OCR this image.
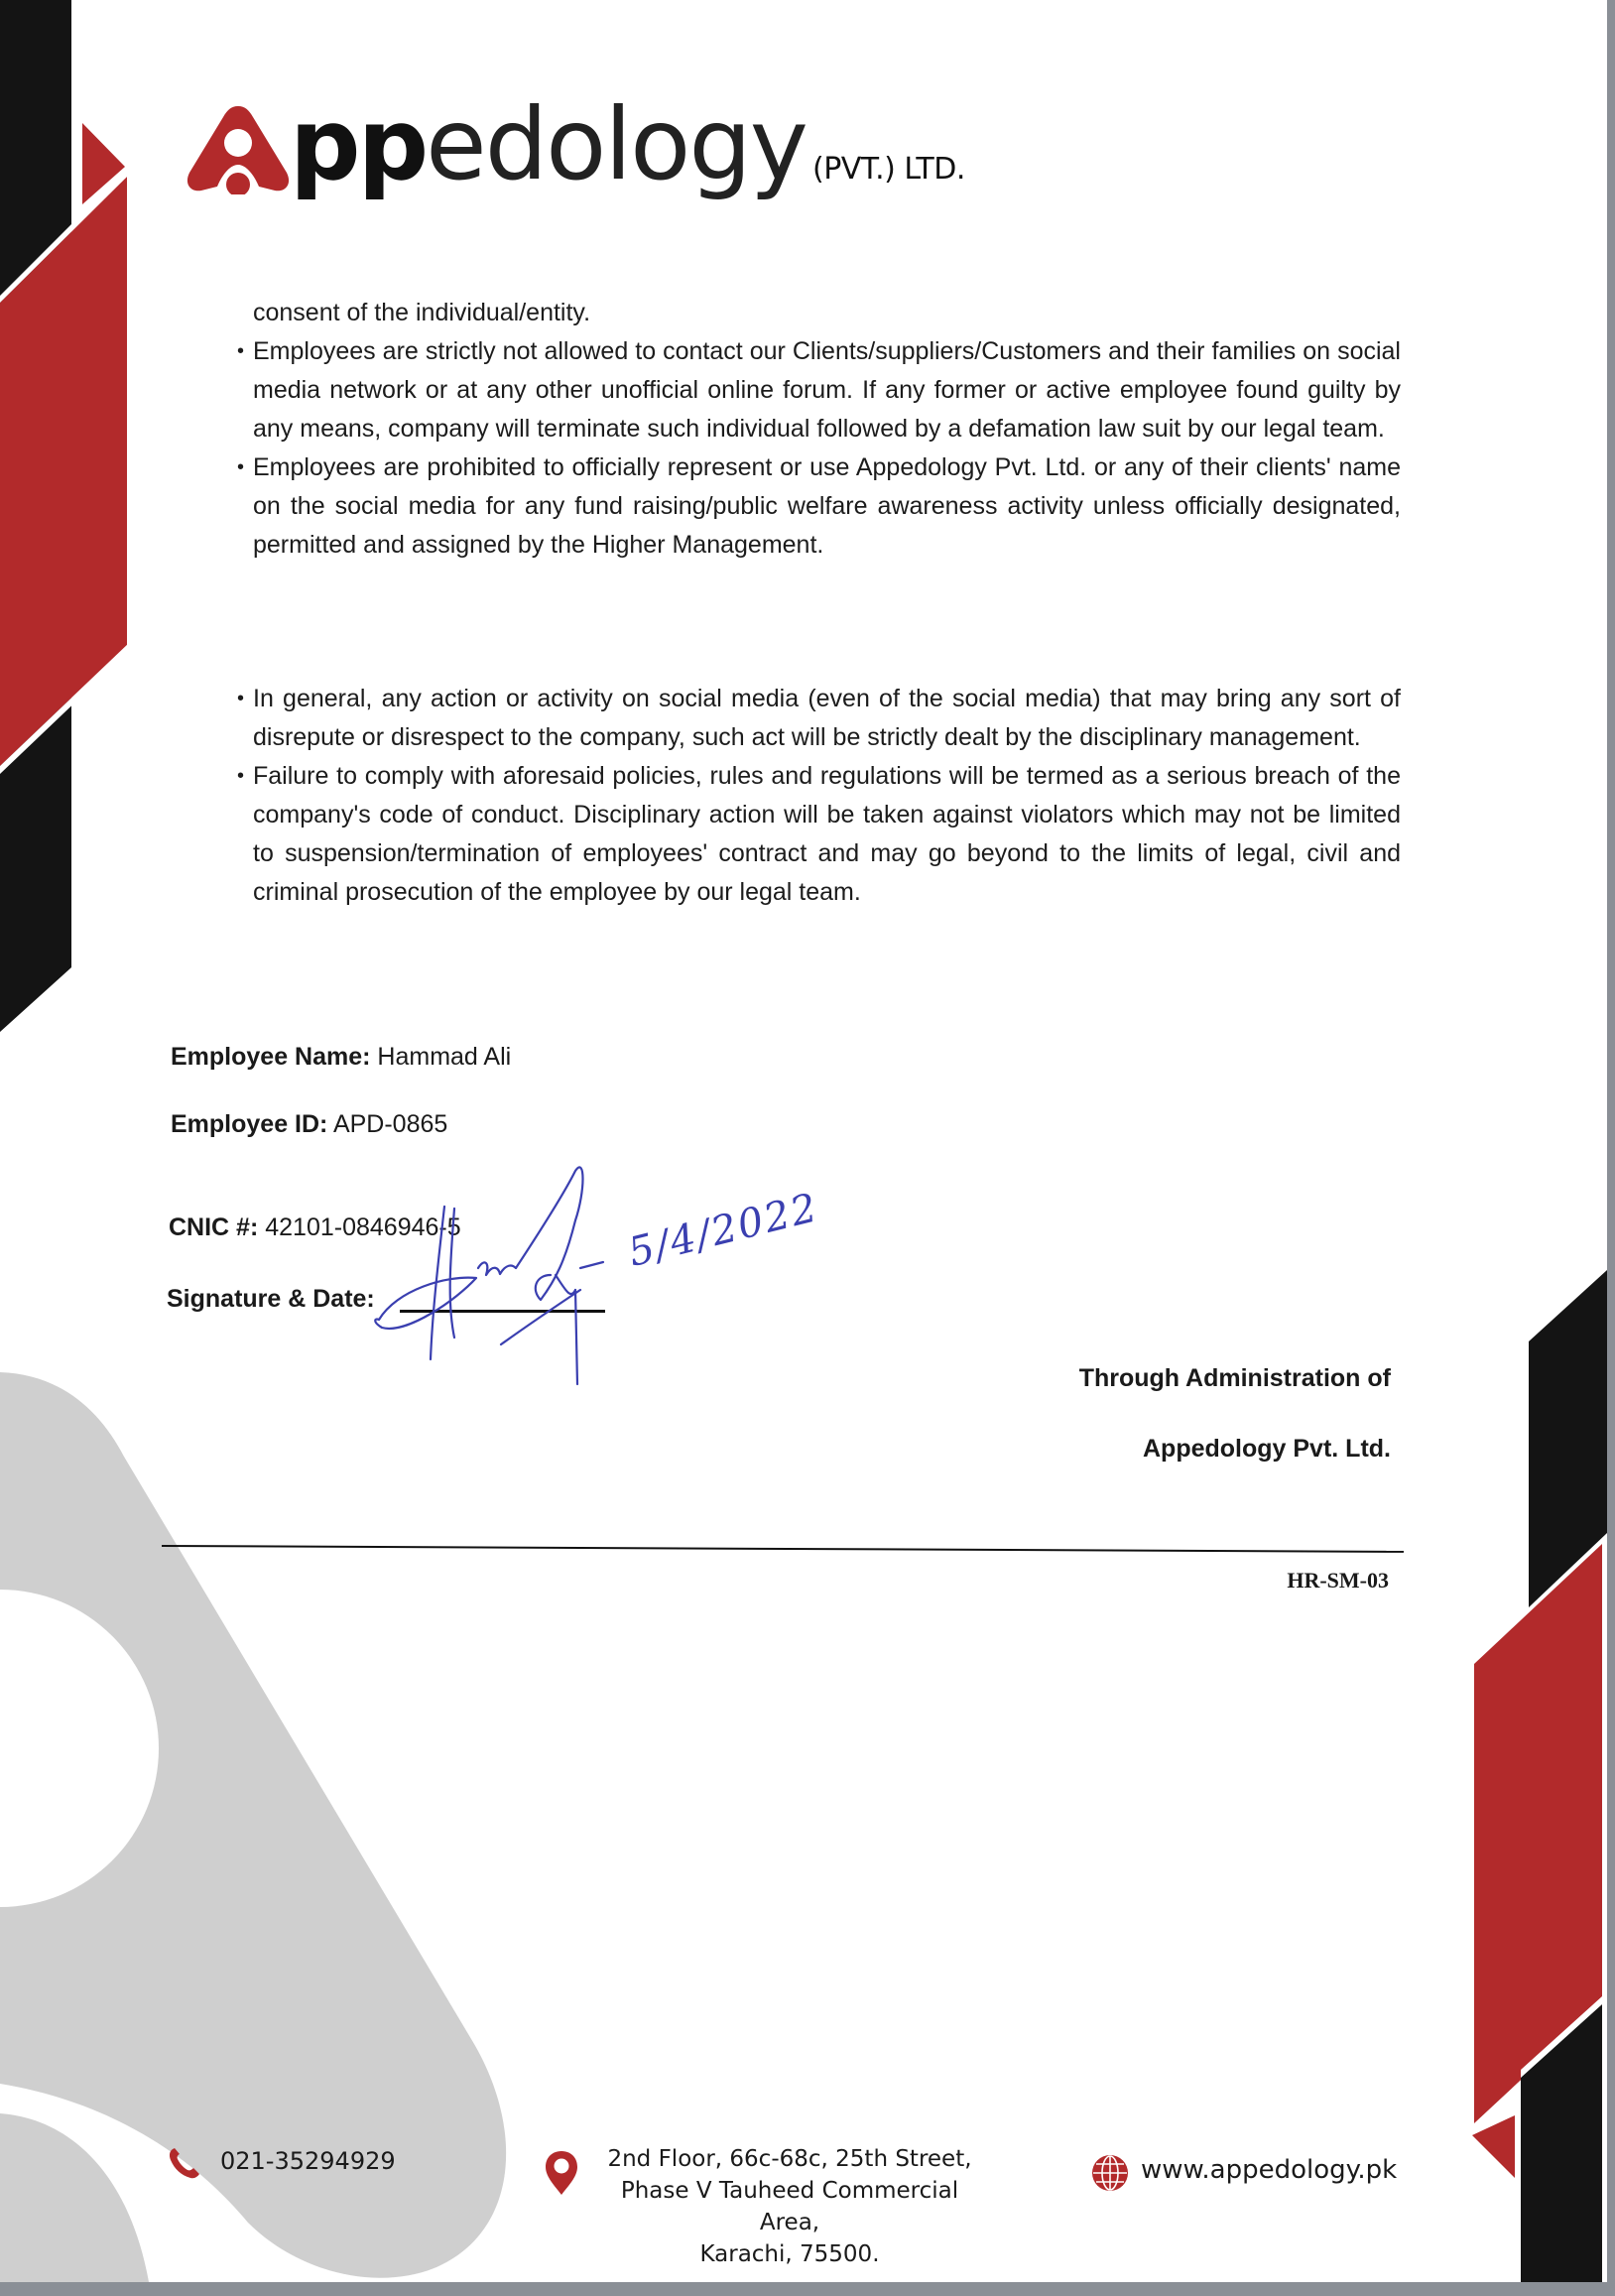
ppedology (PVT.) LTD.

consent of the individual/entity.

• Employees are strictly not allowed to contact our Clients/suppliers/Customers and their families on social media network or at any other unofficial online forum. If any former or active employee found guilty by any means, company will terminate such individual followed by a defamation law suit by our legal team.
• Employees are prohibited to officially represent or use Appedology Pvt. Ltd. or any of their clients' name on the social media for any fund raising/public welfare awareness activity unless officially designated, permitted and assigned by the Higher Management.
• In general, any action or activity on social media (even of the social media) that may bring any sort of disrepute or disrespect to the company, such act will be strictly dealt by the disciplinary management.
• Failure to comply with aforesaid policies, rules and regulations will be termed as a serious breach of the company's code of conduct. Disciplinary action will be taken against violators which may not be limited to suspension/termination of employees' contract and may go beyond to the limits of legal, civil and criminal prosecution of the employee by our legal team.
Employee Name: Hammad Ali
Employee ID: APD-0865
CNIC #: 42101-0846946-5
Signature & Date:
5/4/2022
Through Administration of
Appedology Pvt. Ltd.
HR-SM-03
021-35294929	2nd Floor, 66c-68c, 25th Street,
Phase V Tauheed Commercial Area,
Karachi, 75500.
www.appedology.pk
